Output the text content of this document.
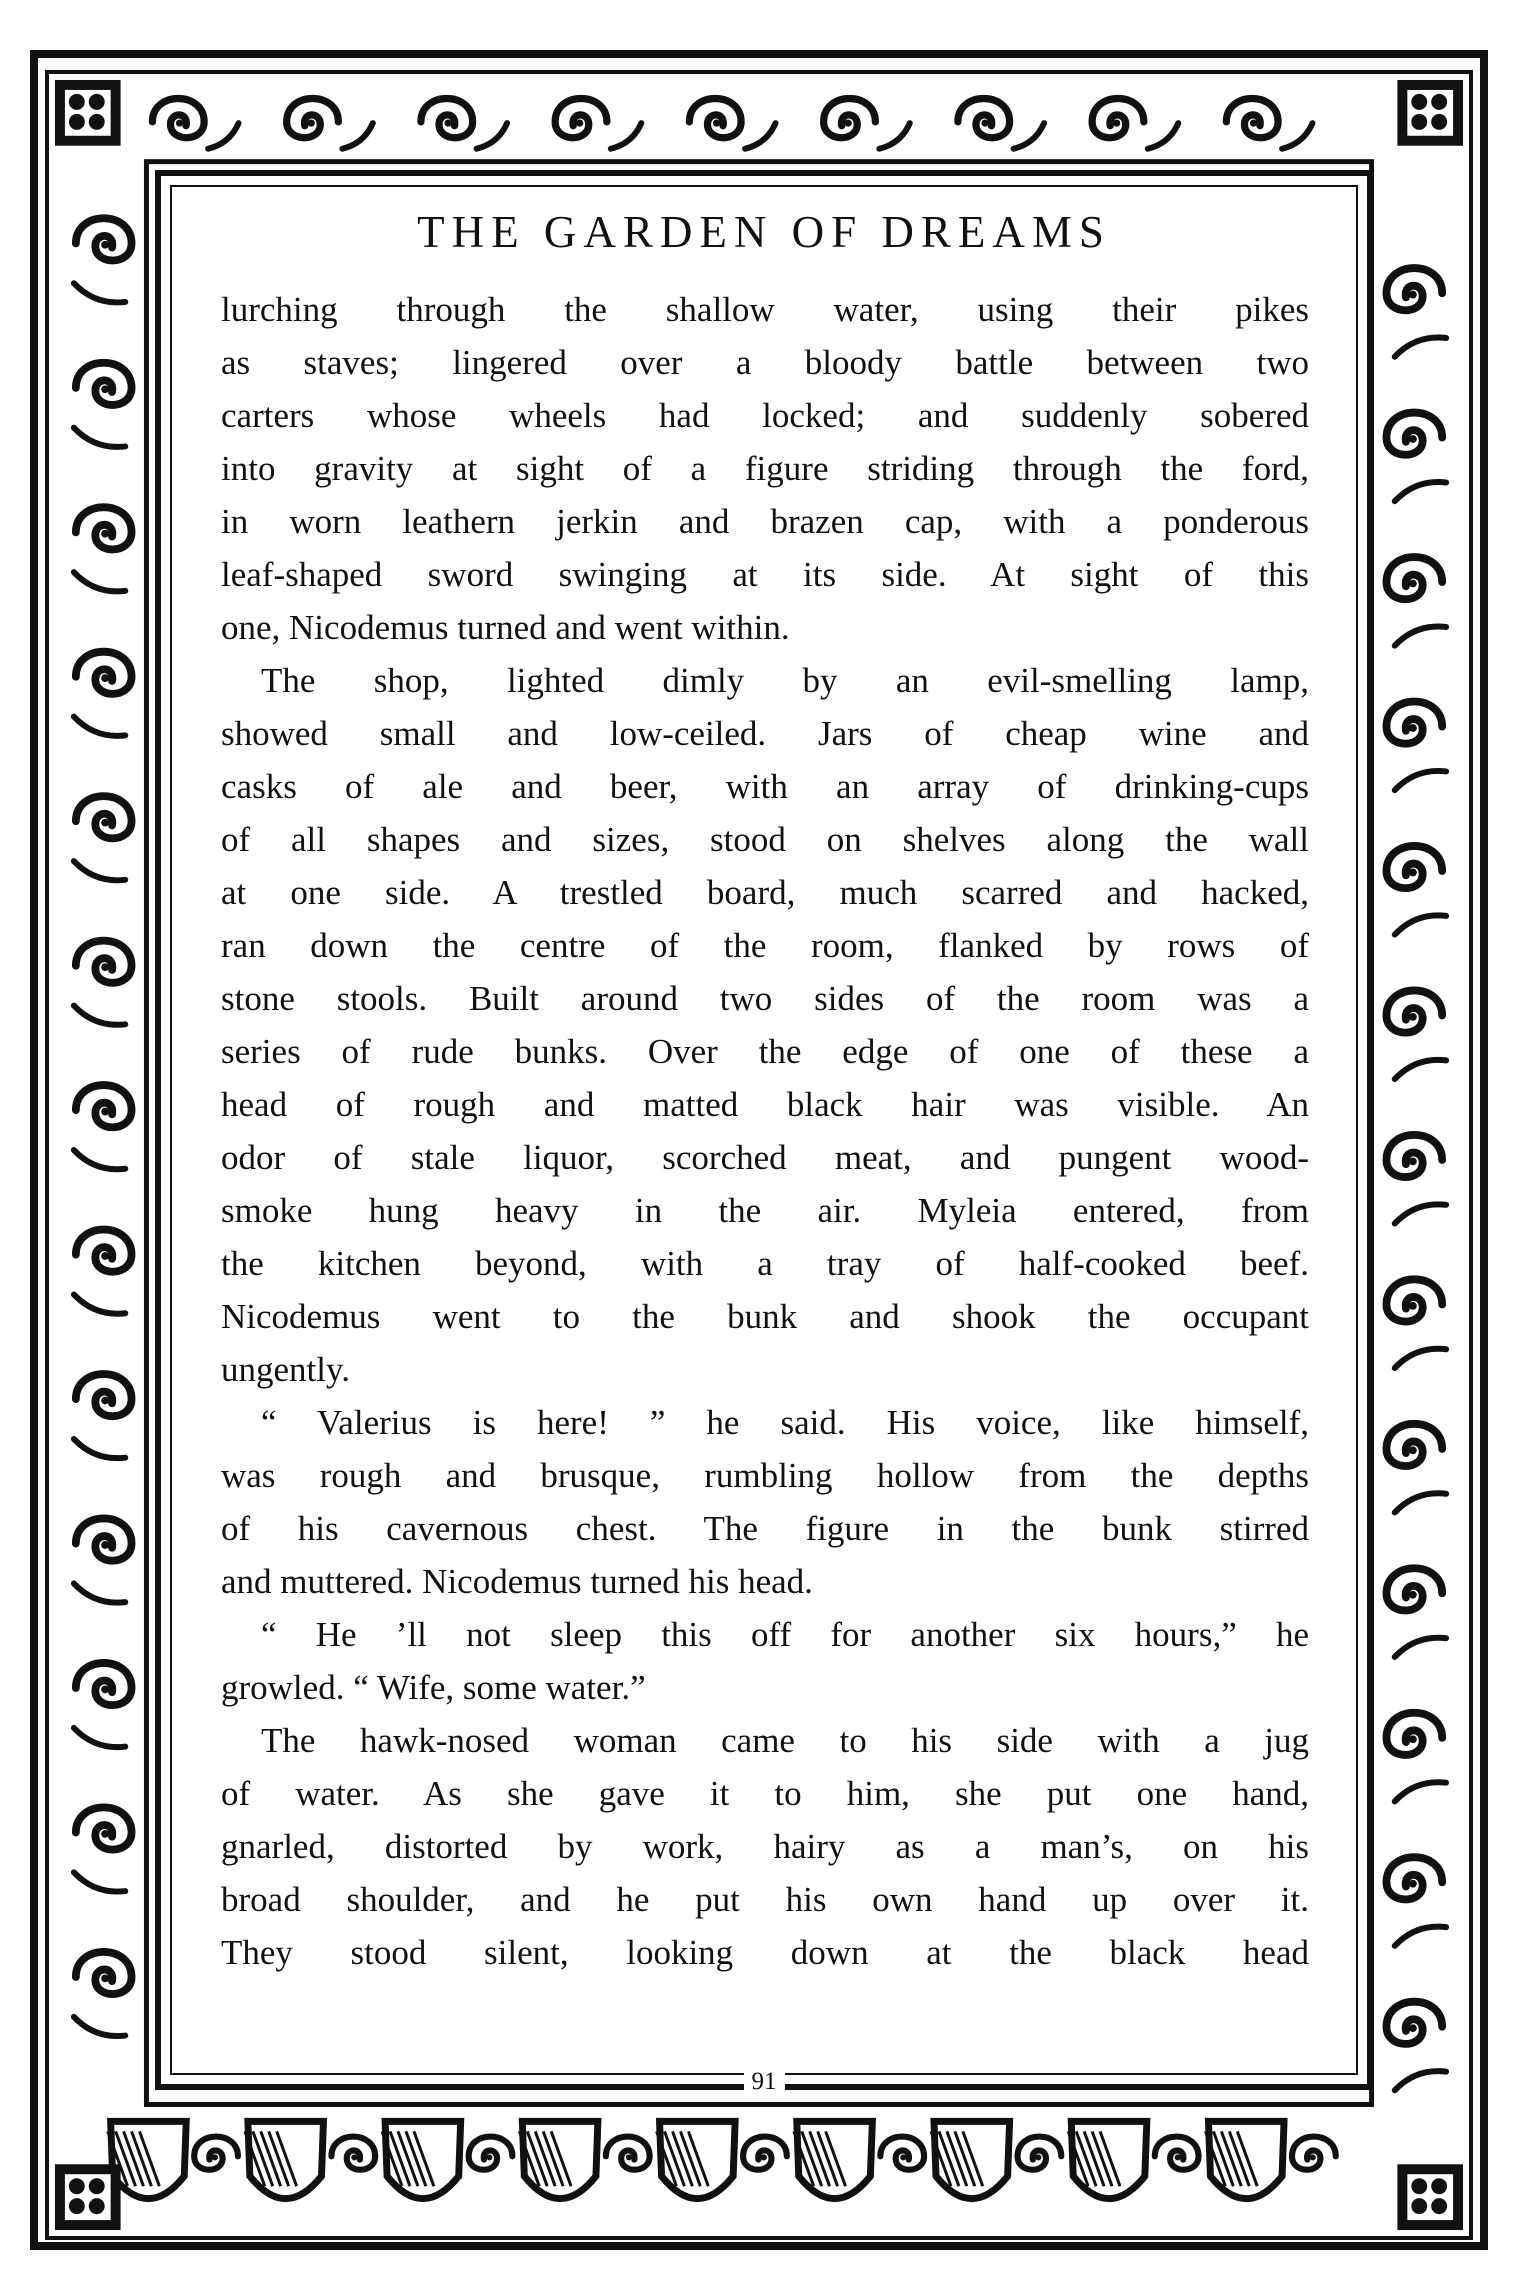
THE GARDEN OF DREAMS
lurching through the shallow water, using their pikes
as staves; lingered over a bloody battle between two
carters whose wheels had locked; and suddenly sobered
into gravity at sight of a figure striding through the ford,
in worn leathern jerkin and brazen cap, with a ponderous
leaf-shaped sword swinging at its side. At sight of this
one, Nicodemus turned and went within.
The shop, lighted dimly by an evil-smelling lamp,
showed small and low-ceiled. Jars of cheap wine and
casks of ale and beer, with an array of drinking-cups
of all shapes and sizes, stood on shelves along the wall
at one side. A trestled board, much scarred and hacked,
ran down the centre of the room, flanked by rows of
stone stools. Built around two sides of the room was a
series of rude bunks. Over the edge of one of these a
head of rough and matted black hair was visible. An
odor of stale liquor, scorched meat, and pungent wood-
smoke hung heavy in the air. Myleia entered, from
the kitchen beyond, with a tray of half-cooked beef.
Nicodemus went to the bunk and shook the occupant
ungently.
“ Valerius is here! ” he said. His voice, like himself,
was rough and brusque, rumbling hollow from the depths
of his cavernous chest. The figure in the bunk stirred
and muttered. Nicodemus turned his head.
“ He ’ll not sleep this off for another six hours,” he
growled. “ Wife, some water.”
The hawk-nosed woman came to his side with a jug
of water. As she gave it to him, she put one hand,
gnarled, distorted by work, hairy as a man’s, on his
broad shoulder, and he put his own hand up over it.
They stood silent, looking down at the black head
91
